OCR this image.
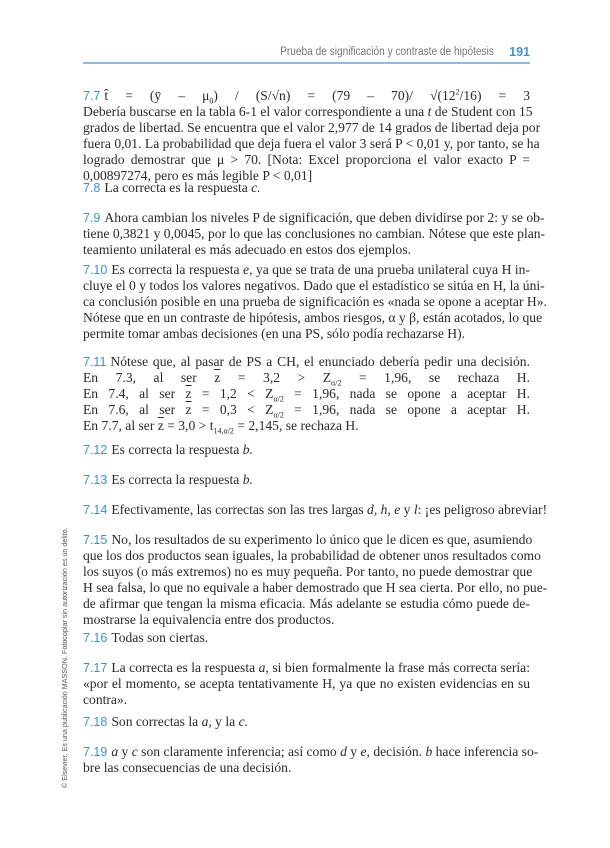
Prueba de significación y contraste de hipótesis 191
© Elsevier. Es una publicación MASSON. Fotocopiar sin autorización es un delito.
7.7 t̂ = (ȳ – $\mu_0) / (S/√n) = (79 - 70)/$ $√(12^2/16) = 3$
Debería buscarse en la tabla 6-1 el valor correspondiente a una t de Student con 15
grados de libertad. Se encuentra que el valor 2,977 de 14 grados de libertad deja por
fuera 0,01. La probabilidad que deja fuera el valor 3 será P < 0,01 y, por tanto, se ha
logrado demostrar que μ > 70. [Nota: Excel proporciona el valor exacto P =
0,00897274, pero es más legible P < 0,01]
7.8 La correcta es la respuesta c.
7.9 Ahora cambian los niveles P de significación, que deben dividirse por 2: y se ob-
tiene 0,3821 y 0,0045, por lo que las conclusiones no cambian. Nótese que este plan-
teamiento unilateral es más adecuado en estos dos ejemplos.
7.10 Es correcta la respuesta e, ya que se trata de una prueba unilateral cuya H in-
cluye el 0 y todos los valores negativos. Dado que el estadístico se sitúa en H, la úni-
ca conclusión posible en una prueba de significación es «nada se opone a aceptar H».
Nótese que en un contraste de hipótesis, ambos riesgos, α y β, están acotados, lo que
permite tomar ambas decisiones (en una PS, sólo podía rechazarse H).
7.11 Nótese que, al pasar de PS a CH, el enunciado debería pedir una decisión.
En 7.3, al ser $\overline{z} = 3,2 > Z_{\alpha/2} = 1,96$, se rechaza H.
En 7.4, al ser $\overline{z} = 1,2 < Z_{\alpha/2} = 1,96$, nada se opone a aceptar H.
En 7.6, al ser $\overline{z} = 0,3 < Z_{\alpha/2} = 1,96$, nada se opone a aceptar H.
En 7.7, al ser $\overline{z} = 3,0 > t_{14,\alpha/2} = 2,145$, se rechaza H.
7.12 Es correcta la respuesta b.
7.13 Es correcta la respuesta b.
7.14 Efectivamente, las correctas son las tres largas d, h, e y l: ¡es peligroso abreviar!
7.15 No, los resultados de su experimento lo único que le dicen es que, asumiendo
que los dos productos sean iguales, la probabilidad de obtener unos resultados como
los suyos (o más extremos) no es muy pequeña. Por tanto, no puede demostrar que
H sea falsa, lo que no equivale a haber demostrado que H sea cierta. Por ello, no pue-
de afirmar que tengan la misma eficacia. Más adelante se estudia cómo puede de-
mostrarse la equivalencia entre dos productos.
7.16 Todas son ciertas.
7.17 La correcta es la respuesta a, si bien formalmente la frase más correcta sería:
«por el momento, se acepta tentativamente H, ya que no existen evidencias en su
contra».
7.18 Son correctas la a, y la c.
7.19 a y c son claramente inferencia; así como d y e, decisión. b hace inferencia so-
bre las consecuencias de una decisión.
